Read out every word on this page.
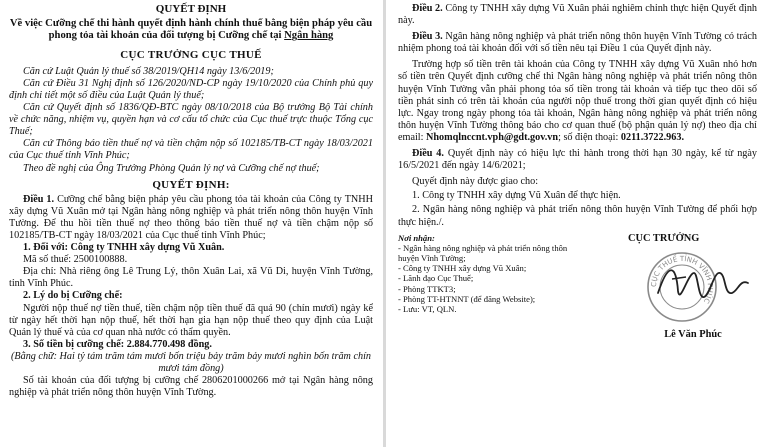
QUYẾT ĐỊNH

Về việc Cưỡng chế thi hành quyết định hành chính thuế bằng biện pháp yêu cầu phong tỏa tài khoản của đối tượng bị Cưỡng chế tại Ngân hàng

CỤC TRƯỞNG CỤC THUẾ

Căn cứ Luật Quản lý thuế số 38/2019/QH14 ngày 13/6/2019;

Căn cứ Điều 31 Nghị định số 126/2020/ND-CP ngày 19/10/2020 của Chính phủ quy định chi tiết một số điều của Luật Quản lý thuế;

Căn cứ Quyết định số 1836/QĐ-BTC ngày 08/10/2018 của Bộ trưởng Bộ Tài chính về chức năng, nhiệm vụ, quyền hạn và cơ cấu tổ chức của Cục thuế trực thuộc Tổng cục Thuế;

Căn cứ Thông báo tiền thuế nợ và tiền chậm nộp số 102185/TB-CT ngày 18/03/2021 của Cục thuế tỉnh Vĩnh Phúc;

Theo đề nghị của Ông Trưởng Phòng Quản lý nợ và Cưỡng chế nợ thuế;

QUYẾT ĐỊNH:

Điều 1. Cưỡng chế bằng biện pháp yêu cầu phong tỏa tài khoản của Công ty TNHH xây dựng Vũ Xuân mở tại Ngân hàng nông nghiệp và phát triển nông thôn huyện Vĩnh Tường. Để thu hồi tiền thuế nợ theo thông báo tiền thuế nợ và tiền chậm nộp số 102185/TB-CT ngày 18/03/2021 của Cục thuế tỉnh Vĩnh Phúc;

1. Đối với: Công ty TNHH xây dựng Vũ Xuân.

Mã số thuế: 2500100888.

Địa chỉ: Nhà riêng ông Lê Trung Lý, thôn Xuân Lai, xã Vũ Di, huyện Vĩnh Tường, tỉnh Vĩnh Phúc.

2. Lý do bị Cưỡng chế:

Người nộp thuế nợ tiền thuế, tiền chậm nộp tiền thuế đã quá 90 (chín mươi) ngày kể từ ngày hết thời hạn nộp thuế, hết thời hạn gia hạn nộp thuế theo quy định của Luật Quản lý thuế và của cơ quan nhà nước có thẩm quyền.

3. Số tiền bị cưỡng chế: 2.884.770.498 đồng.

(Bằng chữ: Hai tỷ tám trăm tám mươi bốn triệu bảy trăm bảy mươi nghìn bốn trăm chín mươi tám đồng)

Số tài khoản của đối tượng bị cưỡng chế 2806201000266 mở tại Ngân hàng nông nghiệp và phát triển nông thôn huyện Vĩnh Tường.

Điều 2. Công ty TNHH xây dựng Vũ Xuân phải nghiêm chỉnh thực hiện Quyết định này.

Điều 3. Ngân hàng nông nghiệp và phát triển nông thôn huyện Vĩnh Tường có trách nhiệm phong toả tài khoản đối với số tiền nêu tại Điều 1 của Quyết định này.

Trường hợp số tiền trên tài khoản của Công ty TNHH xây dựng Vũ Xuân nhỏ hơn số tiền trên Quyết định cưỡng chế thì Ngân hàng nông nghiệp và phát triển nông thôn huyện Vĩnh Tường vẫn phải phong tỏa số tiền trong tài khoản và tiếp tục theo dõi số tiền phát sinh có trên tài khoản của người nộp thuế trong thời gian quyết định có hiệu lực. Ngay trong ngày phong tỏa tài khoản, Ngân hàng nông nghiệp và phát triển nông thôn huyện Vĩnh Tường thông báo cho cơ quan thuế (bộ phận quản lý nợ) theo địa chỉ email: Nhomqlnccnt.vph@gdt.gov.vn; số điện thoại: 0211.3722.963.

Điều 4. Quyết định này có hiệu lực thi hành trong thời hạn 30 ngày, kể từ ngày 16/5/2021 đến ngày 14/6/2021;

Quyết định này được giao cho:

1. Công ty TNHH xây dựng Vũ Xuân để thực hiện.

2. Ngân hàng nông nghiệp và phát triển nông thôn huyện Vĩnh Tường để phối hợp thực hiện./.

Nơi nhận:

- Ngân hàng nông nghiệp và phát triển nông thôn huyện Vĩnh Tường;

- Công ty TNHH xây dựng Vũ Xuân;

- Lãnh đạo Cục Thuế;

- Phòng TTKT3;

- Phòng TT-HTNNT (để đăng Website);

- Lưu: VT, QLN.

CỤC TRƯỞNG

CỤC THUẾ TỈNH VĨNH PHÚC

Lê Văn Phúc
